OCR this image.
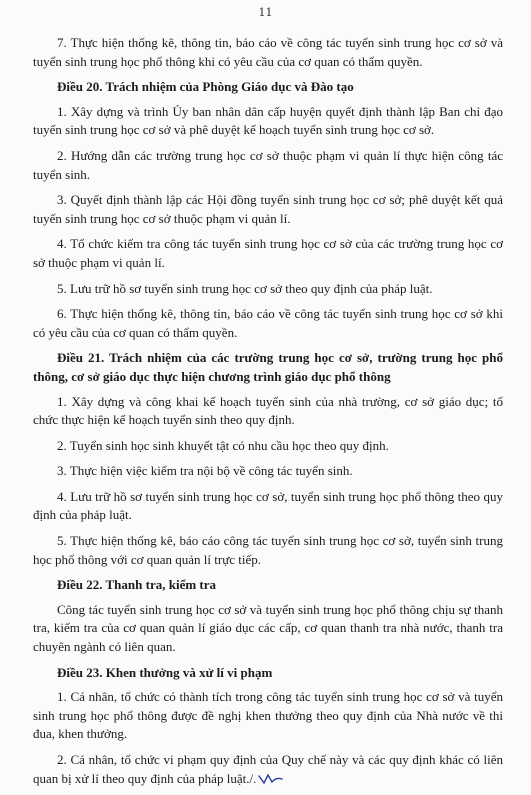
11

7. Thực hiện thống kê, thông tin, báo cáo về công tác tuyển sinh trung học cơ sở và tuyển sinh trung học phổ thông khi có yêu cầu của cơ quan có thẩm quyền.

Điều 20. Trách nhiệm của Phòng Giáo dục và Đào tạo

1. Xây dựng và trình Ủy ban nhân dân cấp huyện quyết định thành lập Ban chỉ đạo tuyển sinh trung học cơ sở và phê duyệt kế hoạch tuyển sinh trung học cơ sở.

2. Hướng dẫn các trường trung học cơ sở thuộc phạm vi quản lí thực hiện công tác tuyển sinh.

3. Quyết định thành lập các Hội đồng tuyển sinh trung học cơ sở; phê duyệt kết quả tuyển sinh trung học cơ sở thuộc phạm vi quản lí.

4. Tổ chức kiểm tra công tác tuyển sinh trung học cơ sở của các trường trung học cơ sở thuộc phạm vi quản lí.

5. Lưu trữ hồ sơ tuyển sinh trung học cơ sở theo quy định của pháp luật.

6. Thực hiện thống kê, thông tin, báo cáo về công tác tuyển sinh trung học cơ sở khi có yêu cầu của cơ quan có thẩm quyền.

Điều 21. Trách nhiệm của các trường trung học cơ sở, trường trung học phổ thông, cơ sở giáo dục thực hiện chương trình giáo dục phổ thông

1. Xây dựng và công khai kế hoạch tuyển sinh của nhà trường, cơ sở giáo dục; tổ chức thực hiện kế hoạch tuyển sinh theo quy định.

2. Tuyển sinh học sinh khuyết tật có nhu cầu học theo quy định.

3. Thực hiện việc kiểm tra nội bộ về công tác tuyển sinh.

4. Lưu trữ hồ sơ tuyển sinh trung học cơ sở, tuyển sinh trung học phổ thông theo quy định của pháp luật.

5. Thực hiện thống kê, báo cáo công tác tuyển sinh trung học cơ sở, tuyển sinh trung học phổ thông với cơ quan quản lí trực tiếp.

Điều 22. Thanh tra, kiểm tra

Công tác tuyển sinh trung học cơ sở và tuyển sinh trung học phổ thông chịu sự thanh tra, kiểm tra của cơ quan quản lí giáo dục các cấp, cơ quan thanh tra nhà nước, thanh tra chuyên ngành có liên quan.

Điều 23. Khen thưởng và xử lí vi phạm

1. Cá nhân, tổ chức có thành tích trong công tác tuyển sinh trung học cơ sở và tuyển sinh trung học phổ thông được đề nghị khen thưởng theo quy định của Nhà nước về thi đua, khen thưởng.

2. Cá nhân, tổ chức vi phạm quy định của Quy chế này và các quy định khác có liên quan bị xử lí theo quy định của pháp luật./.
